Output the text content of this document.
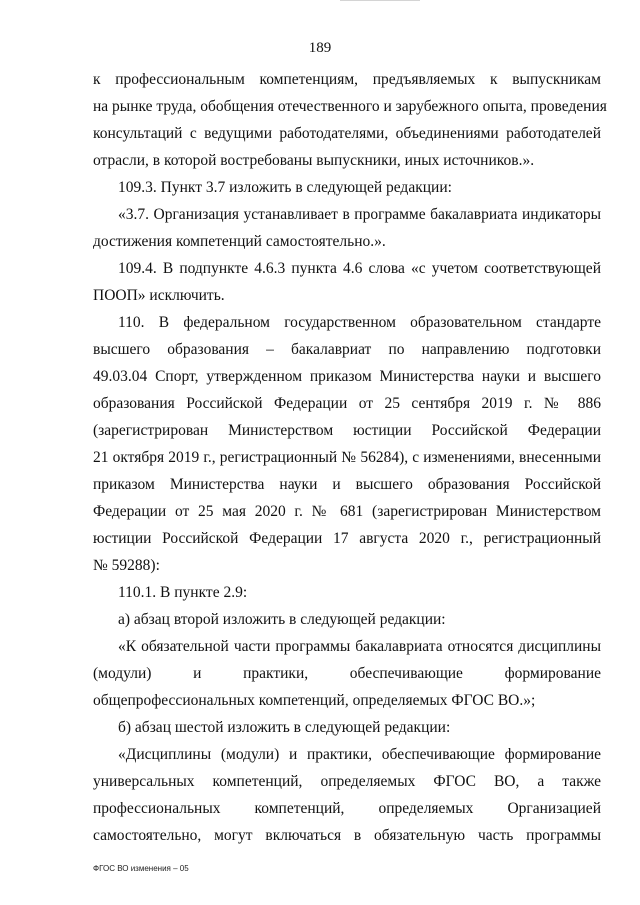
189
к профессиональным компетенциям, предъявляемых к выпускникам
на рынке труда, обобщения отечественного и зарубежного опыта, проведения
консультаций с ведущими работодателями, объединениями работодателей
отрасли, в которой востребованы выпускники, иных источников.».
109.3. Пункт 3.7 изложить в следующей редакции:
«3.7. Организация устанавливает в программе бакалавриата индикаторы
достижения компетенций самостоятельно.».
109.4. В подпункте 4.6.3 пункта 4.6 слова «с учетом соответствующей
ПООП» исключить.
110. В федеральном государственном образовательном стандарте
высшего образования – бакалавриат по направлению подготовки
49.03.04 Спорт, утвержденном приказом Министерства науки и высшего
образования Российской Федерации от 25 сентября 2019 г. № 886
(зарегистрирован Министерством юстиции Российской Федерации
21 октября 2019 г., регистрационный № 56284), с изменениями, внесенными
приказом Министерства науки и высшего образования Российской
Федерации от 25 мая 2020 г. № 681 (зарегистрирован Министерством
юстиции Российской Федерации 17 августа 2020 г., регистрационный
№ 59288):
110.1. В пункте 2.9:
а) абзац второй изложить в следующей редакции:
«К обязательной части программы бакалавриата относятся дисциплины
(модули) и практики, обеспечивающие формирование
общепрофессиональных компетенций, определяемых ФГОС ВО.»;
б) абзац шестой изложить в следующей редакции:
«Дисциплины (модули) и практики, обеспечивающие формирование
универсальных компетенций, определяемых ФГОС ВО, а также
профессиональных компетенций, определяемых Организацией
самостоятельно, могут включаться в обязательную часть программы
ФГОС ВО изменения – 05
